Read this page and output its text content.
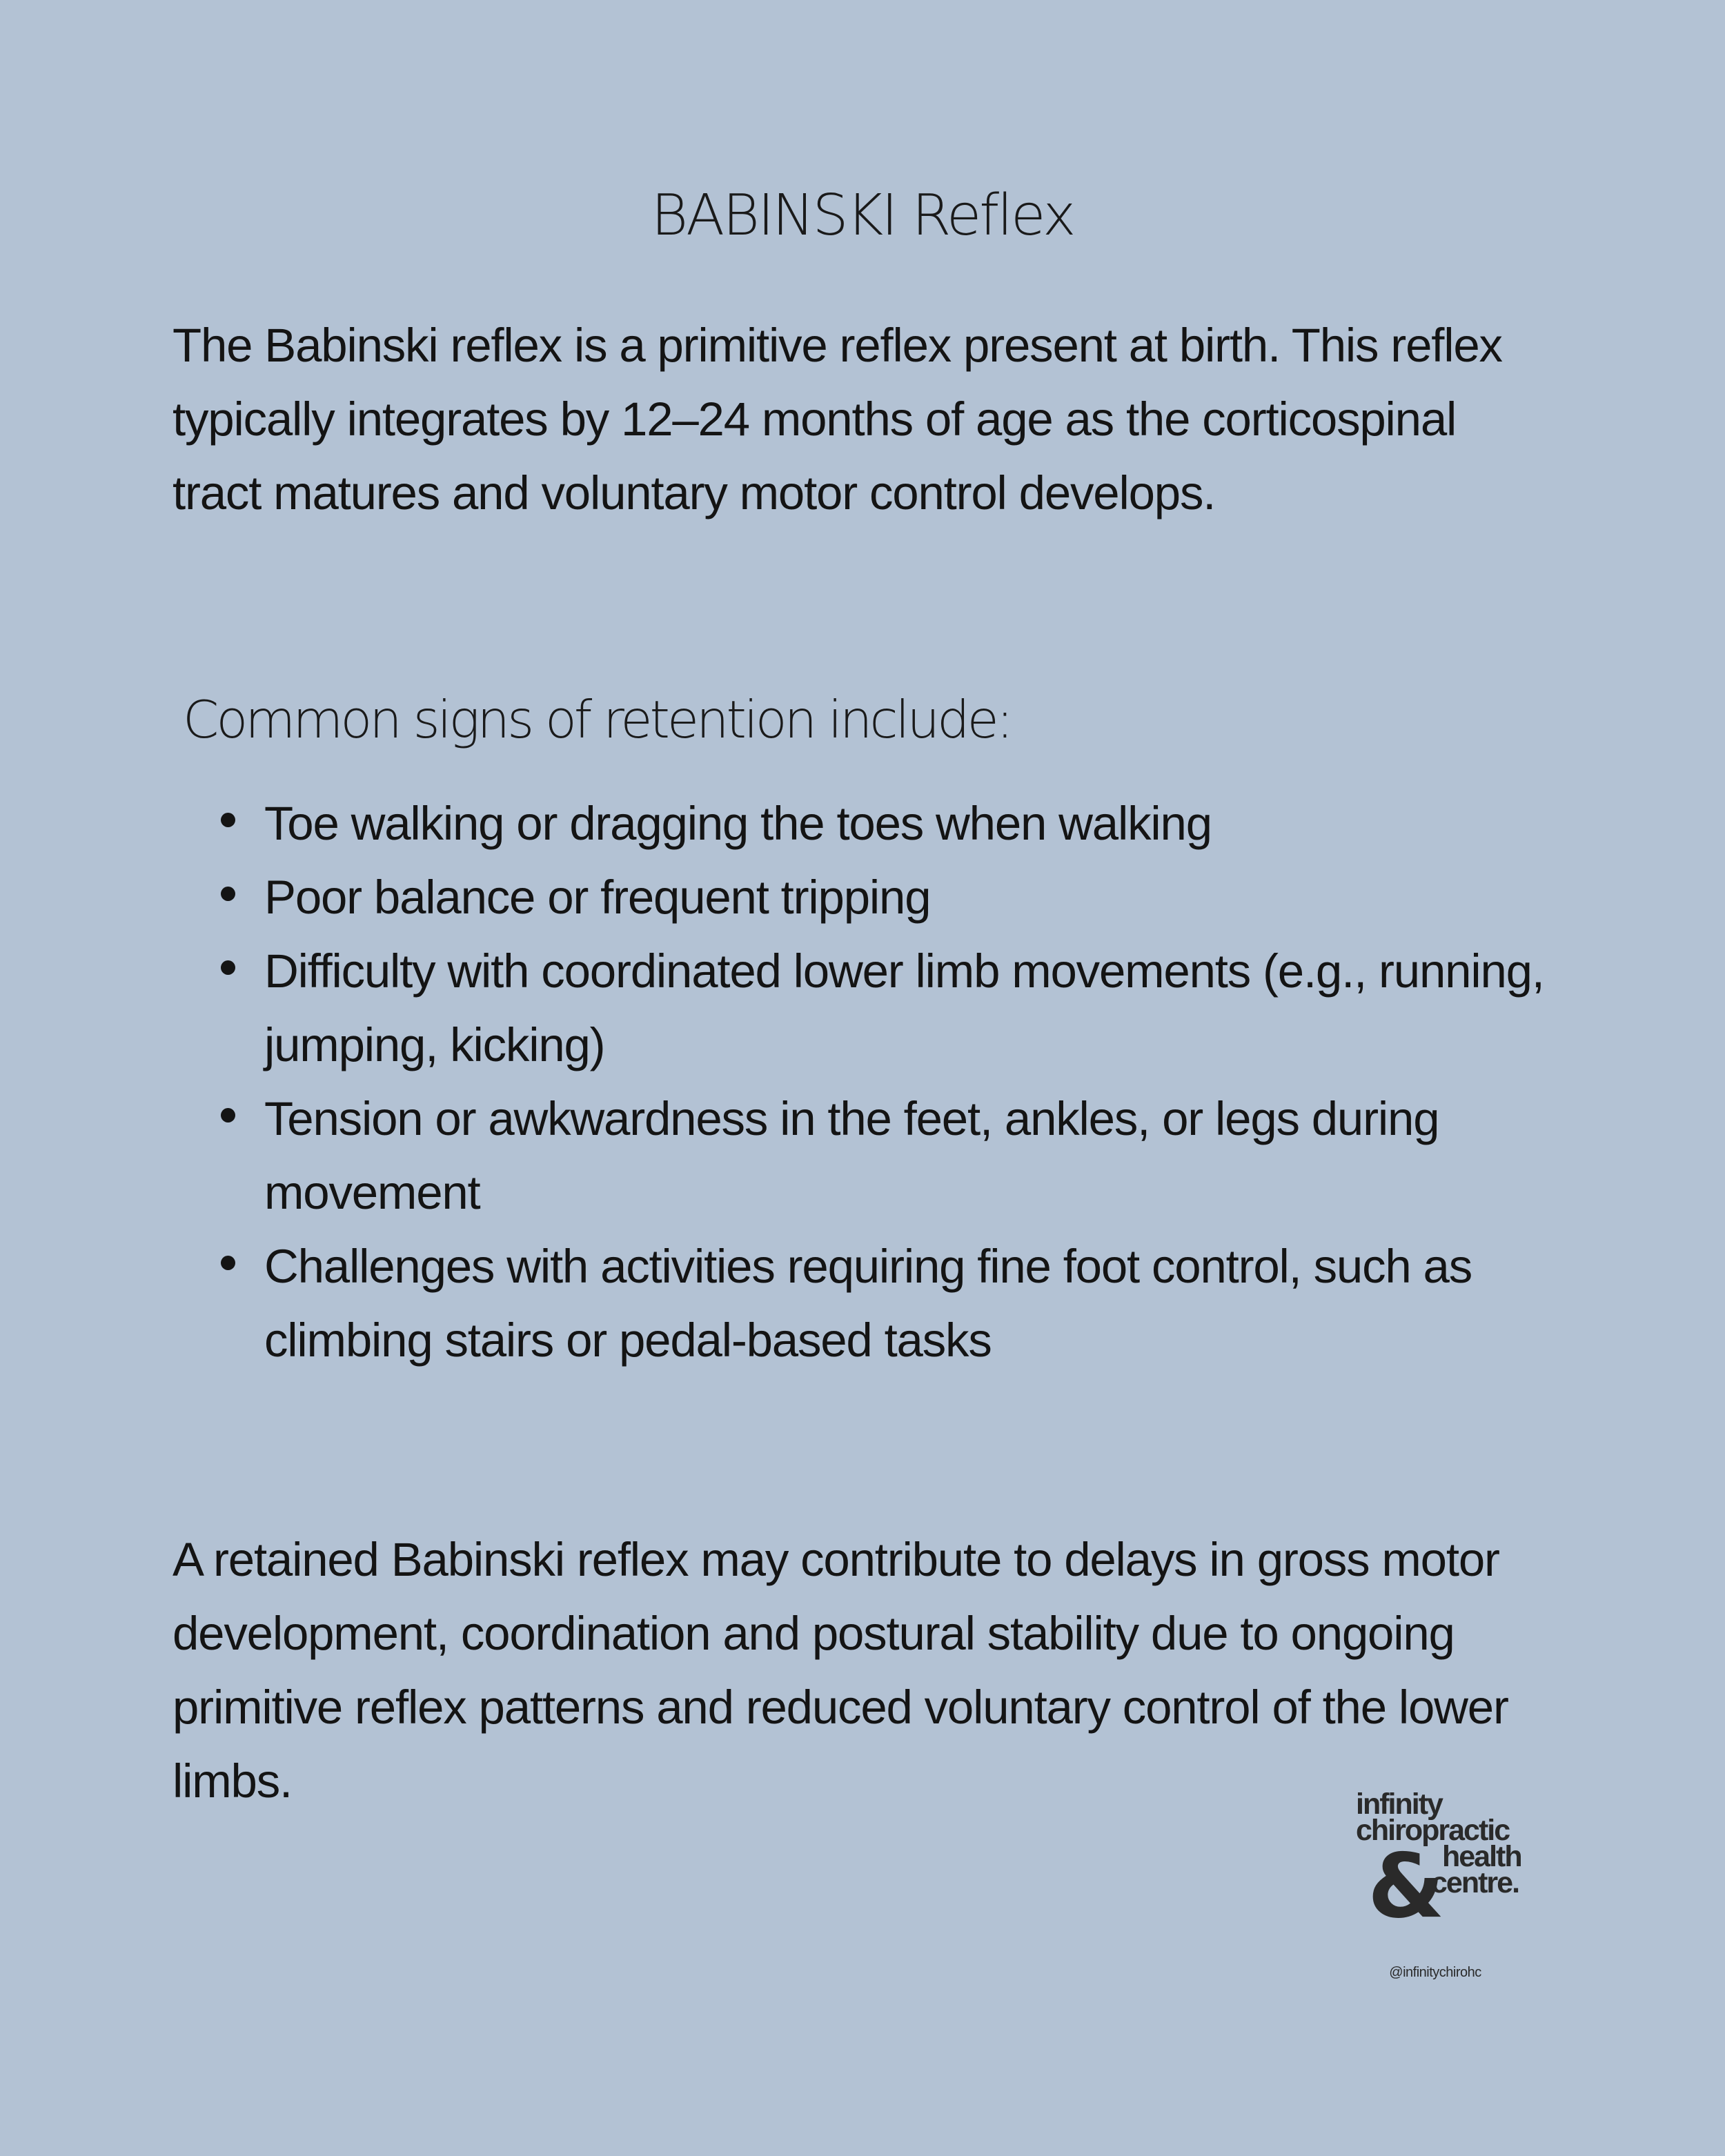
BABINSKI Reflex

The Babinski reflex is a primitive reflex present at birth. This reflex typically integrates by 12–24 months of age as the corticospinal tract matures and voluntary motor control develops.

Common signs of retention include:
Toe walking or dragging the toes when walking
Poor balance or frequent tripping
Difficulty with coordinated lower limb movements (e.g., running, jumping, kicking)
Tension or awkwardness in the feet, ankles, or legs during movement
Challenges with activities requiring fine foot control, such as climbing stairs or pedal-based tasks

A retained Babinski reflex may contribute to delays in gross motor development, coordination and postural stability due to ongoing primitive reflex patterns and reduced voluntary control of the lower limbs.	infinity
chiropractic
health
centre.
&
@infinitychirohc
